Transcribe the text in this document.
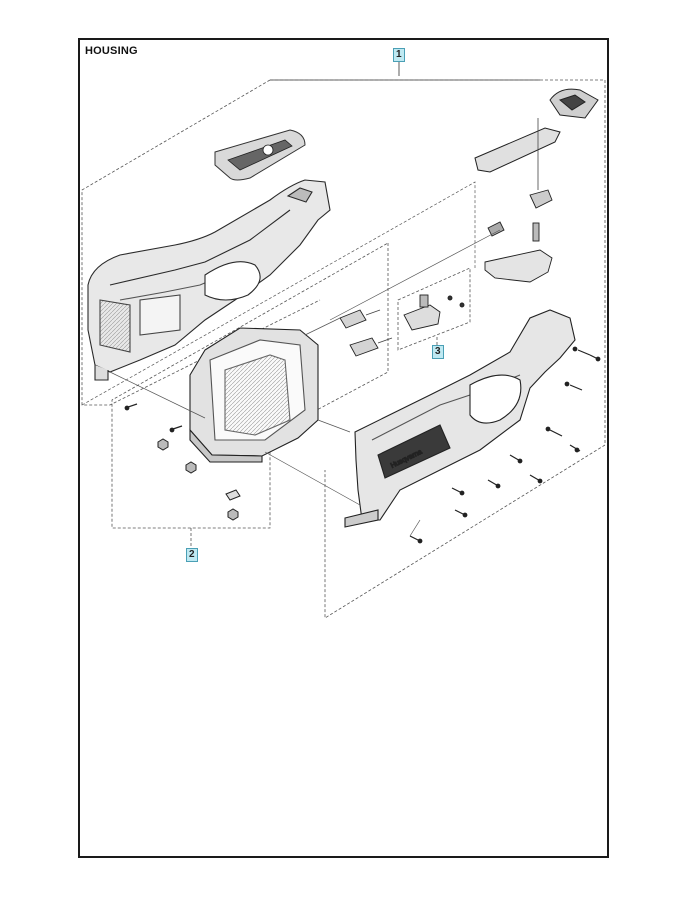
HOUSING
Husqvarna
1
2
3
